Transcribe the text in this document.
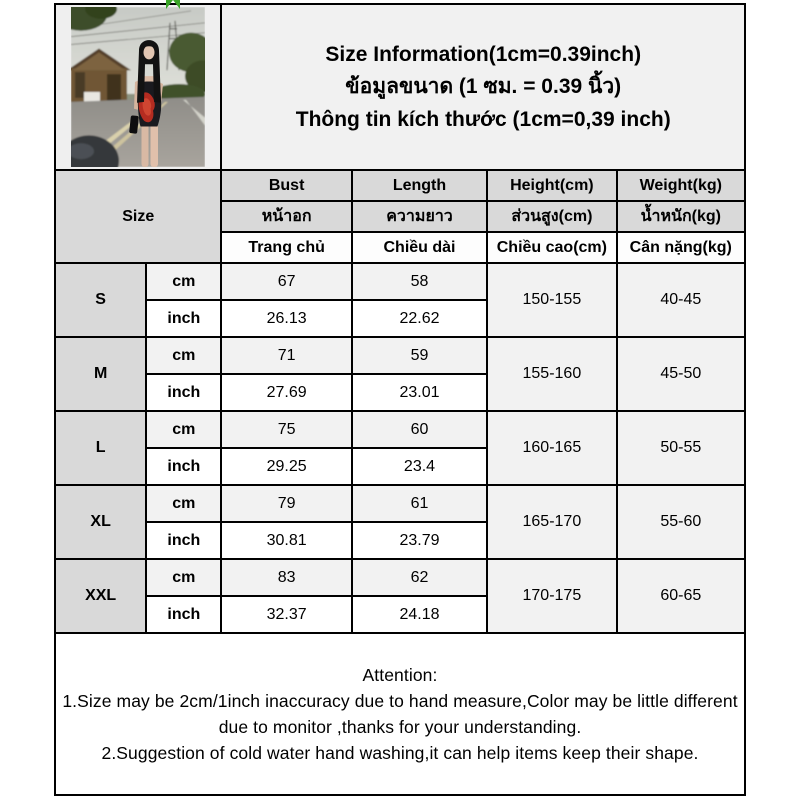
Size Information(1cm=0.39inch)
ข้อมูลขนาด (1 ซม. = 0.39 นิ้ว)
Thông tin kích thước (1cm=0,39 inch)			

Size		Bust	Length	Height(cm)	Weight(kg)
		หน้าอก	ความยาว	ส่วนสูง(cm)	น้ำหนัก(kg)
		Trang chủ	Chiều dài	Chiều cao(cm)	Cân nặng(kg)
S	cm	67	58	150-155	40-45
	inch	26.13	22.62		
M	cm	71	59	155-160	45-50
	inch	27.69	23.01		
L	cm	75	60	160-165	50-55
	inch	29.25	23.4		
XL	cm	79	61	165-170	55-60
	inch	30.81	23.79		
XXL	cm	83	62	170-175	60-65
	inch	32.37	24.18		

Attention:
1.Size may be 2cm/1inch inaccuracy due to hand measure,Color may be little different due to monitor ,thanks for your understanding.
2.Suggestion of cold water hand washing,it can help items keep their shape.					
